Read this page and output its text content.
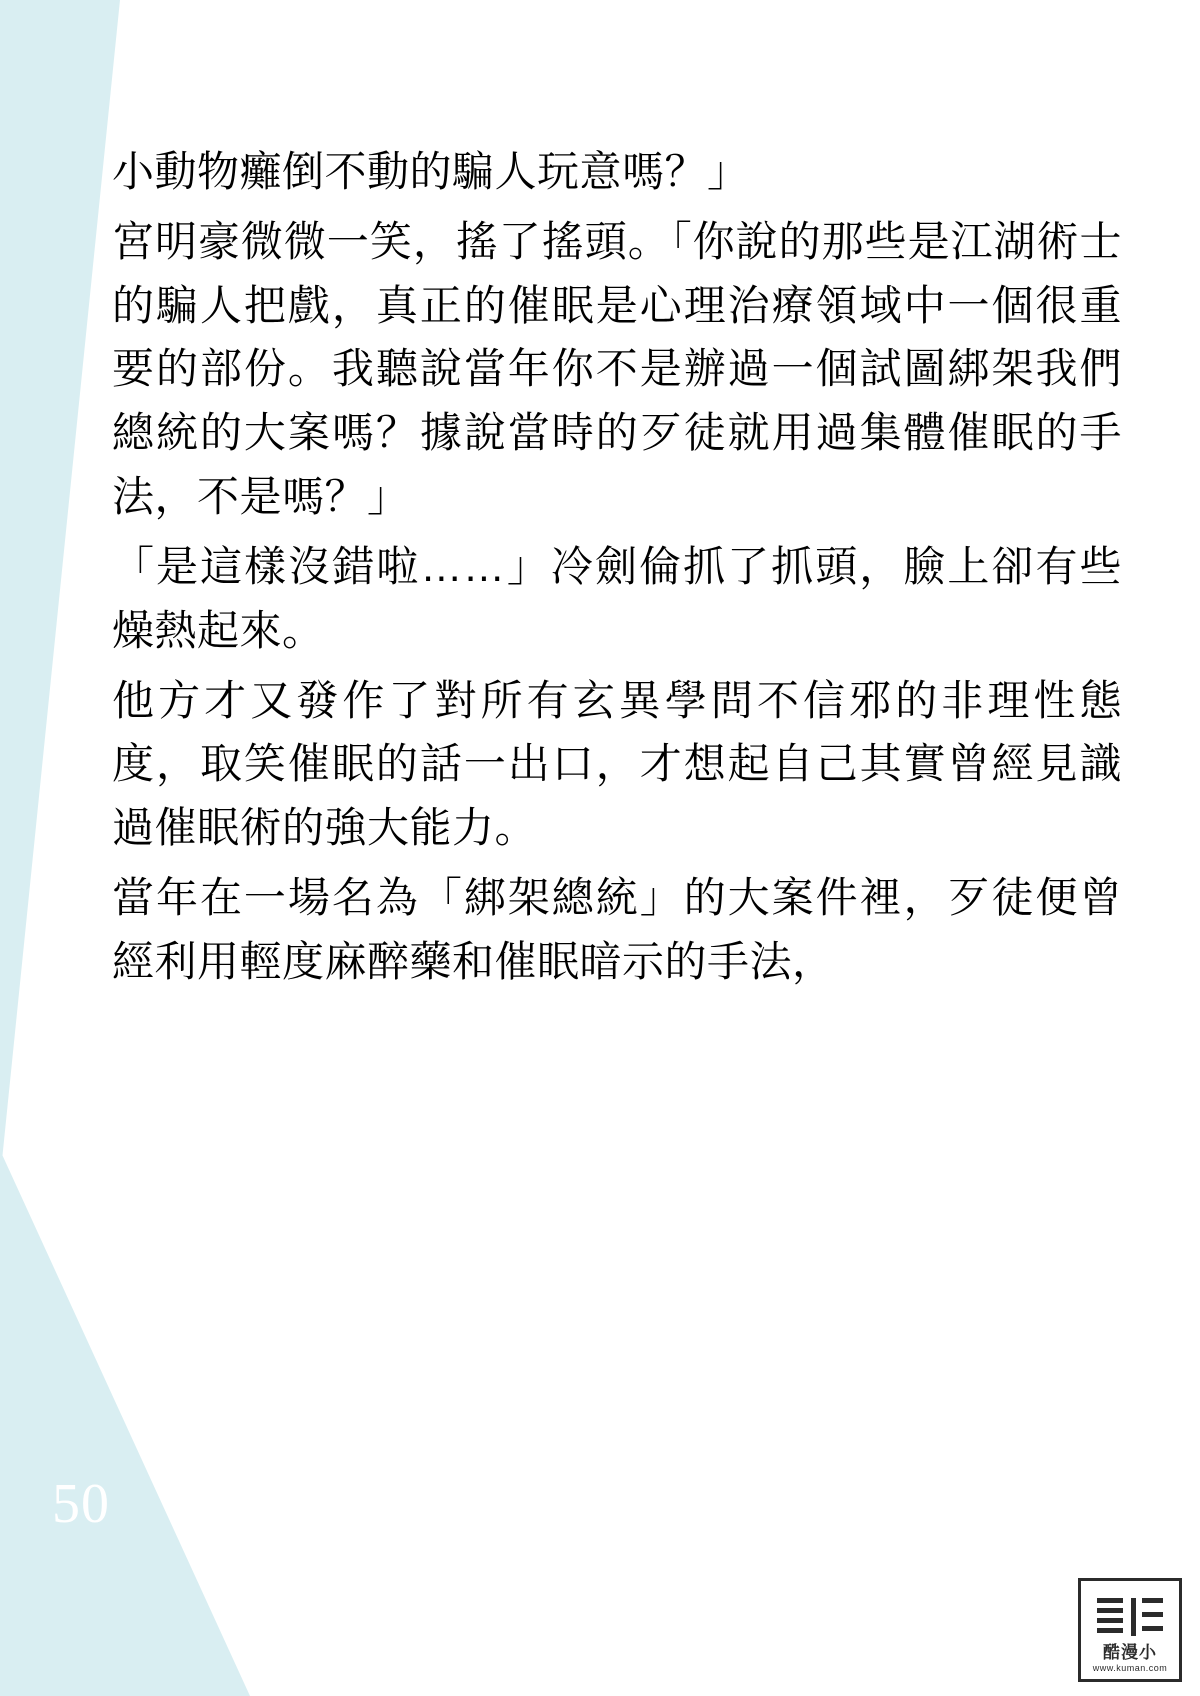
小動物癱倒不動的騙人玩意嗎？」

宮明豪微微一笑，搖了搖頭。「你說的那些是江湖術士的騙人把戲，真正的催眠是心理治療領域中一個很重要的部份。我聽說當年你不是辦過一個試圖綁架我們總統的大案嗎？據說當時的歹徒就用過集體催眠的手法，不是嗎？」

「是這樣沒錯啦……」冷劍倫抓了抓頭，臉上卻有些燥熱起來。

他方才又發作了對所有玄異學問不信邪的非理性態度，取笑催眠的話一出口，才想起自己其實曾經見識過催眠術的強大能力。

當年在一場名為「綁架總統」的大案件裡，歹徒便曾經利用輕度麻醉藥和催眠暗示的手法，

50
酷漫小
www.kuman.com
